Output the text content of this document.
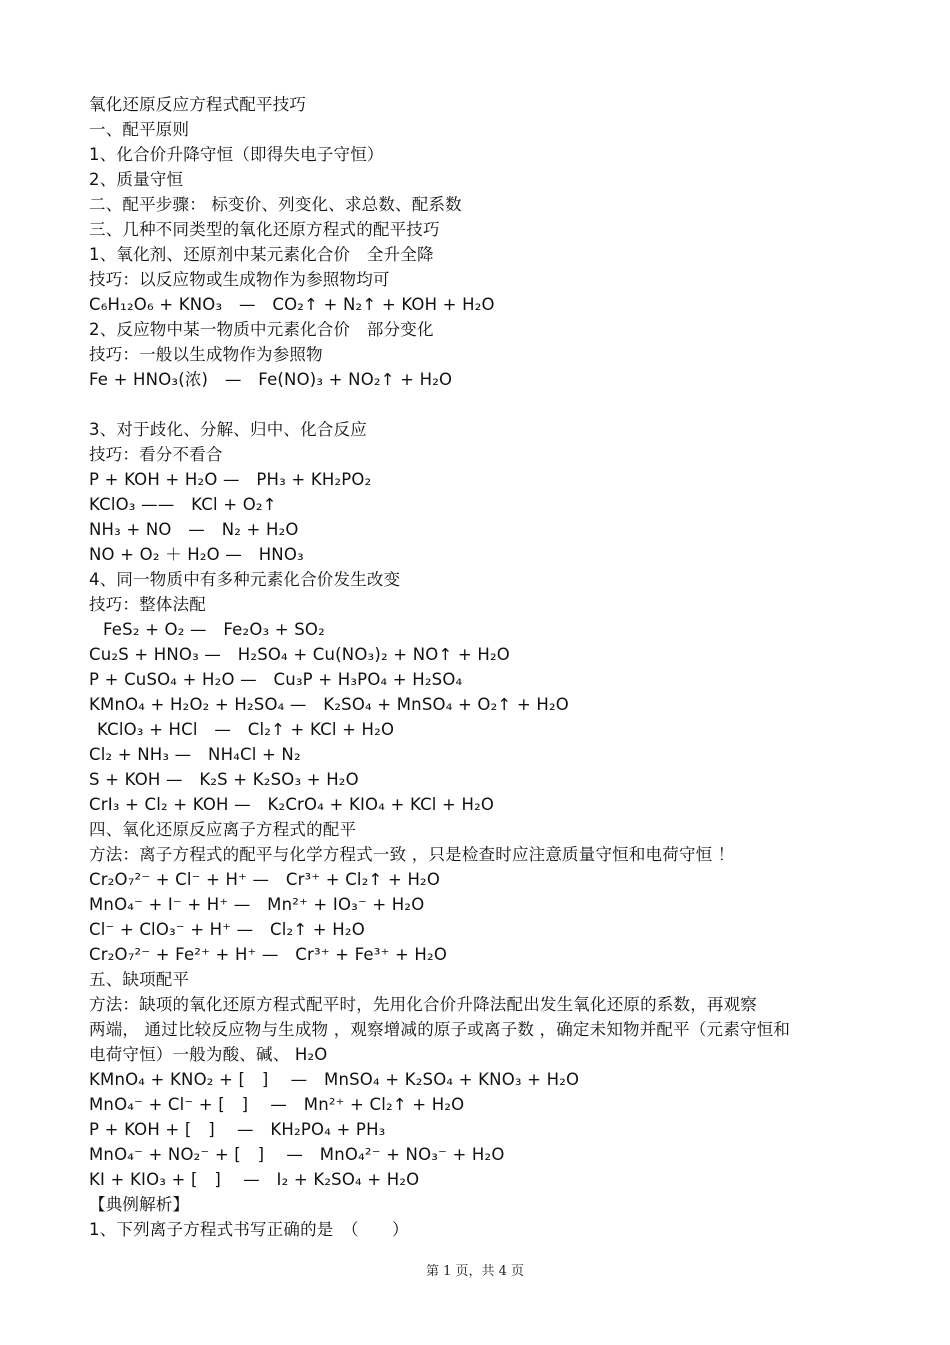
氧化还原反应方程式配平技巧
一、配平原则
1、化合价升降守恒（即得失电子守恒）
2、质量守恒
二、配平步骤： 标变价、列变化、求总数、配系数
三、几种不同类型的氧化还原方程式的配平技巧
1、氧化剂、还原剂中某元素化合价　全升全降
技巧：以反应物或生成物作为参照物均可
C₆H₁₂O₆ + KNO₃　—　CO₂↑ + N₂↑ + KOH + H₂O
2、反应物中某一物质中元素化合价　部分变化
技巧：一般以生成物作为参照物
Fe + HNO₃(浓)　—　Fe(NO)₃ + NO₂↑ + H₂O
3、对于歧化、分解、归中、化合反应
技巧：看分不看合
P + KOH + H₂O —　PH₃ + KH₂PO₂
KClO₃ ——　KCl + O₂↑
NH₃ + NO　—　N₂ + H₂O
NO + O₂ ＋ H₂O —　HNO₃
4、同一物质中有多种元素化合价发生改变
技巧：整体法配
FeS₂ + O₂ —　Fe₂O₃ + SO₂
Cu₂S + HNO₃ —　H₂SO₄ + Cu(NO₃)₂ + NO↑ + H₂O
P + CuSO₄ + H₂O —　Cu₃P + H₃PO₄ + H₂SO₄
KMnO₄ + H₂O₂ + H₂SO₄ —　K₂SO₄ + MnSO₄ + O₂↑ + H₂O
KClO₃ + HCl　—　Cl₂↑ + KCl + H₂O
Cl₂ + NH₃ —　NH₄Cl + N₂
S + KOH —　K₂S + K₂SO₃ + H₂O
CrI₃ + Cl₂ + KOH —　K₂CrO₄ + KIO₄ + KCl + H₂O
四、氧化还原反应离子方程式的配平
方法：离子方程式的配平与化学方程式一致 ，只是检查时应注意质量守恒和电荷守恒 ！
Cr₂O₇²⁻ + Cl⁻ + H⁺ —　Cr³⁺ + Cl₂↑ + H₂O
MnO₄⁻ + I⁻ + H⁺ —　Mn²⁺ + IO₃⁻ + H₂O
Cl⁻ + ClO₃⁻ + H⁺ —　Cl₂↑ + H₂O
Cr₂O₇²⁻ + Fe²⁺ + H⁺ —　Cr³⁺ + Fe³⁺ + H₂O
五、缺项配平
方法：缺项的氧化还原方程式配平时，先用化合价升降法配出发生氧化还原的系数，再观察
两端， 通过比较反应物与生成物 ，观察增减的原子或离子数 ，确定未知物并配平（元素守恒和
电荷守恒）一般为酸、碱、 H₂O
KMnO₄ + KNO₂ + [　] 　—　MnSO₄ + K₂SO₄ + KNO₃ + H₂O
MnO₄⁻ + Cl⁻ + [　] 　—　Mn²⁺ + Cl₂↑ + H₂O
P + KOH + [　] 　—　KH₂PO₄ + PH₃
MnO₄⁻ + NO₂⁻ + [　] 　—　MnO₄²⁻ + NO₃⁻ + H₂O
KI + KIO₃ + [　] 　—　I₂ + K₂SO₄ + H₂O
【典例解析】
1、下列离子方程式书写正确的是　（　　）
第 1 页，共 4 页
